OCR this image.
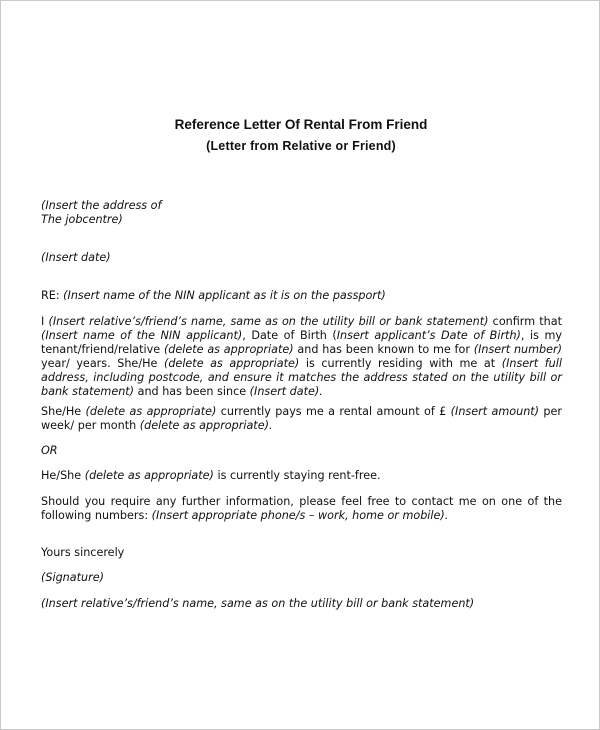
Reference Letter Of Rental From Friend
(Letter from Relative or Friend)
(Insert the address of
The jobcentre)
(Insert date)
RE: (Insert name of the NIN applicant as it is on the passport)
I (Insert relative’s/friend’s name, same as on the utility bill or bank statement) confirm that (Insert name of the NIN applicant), Date of Birth (Insert applicant’s Date of Birth), is my tenant/friend/relative (delete as appropriate) and has been known to me for (Insert number) year/ years. She/He (delete as appropriate) is currently residing with me at (Insert full address, including postcode, and ensure it matches the address stated on the utility bill or bank statement) and has been since (Insert date).
She/He (delete as appropriate) currently pays me a rental amount of £ (Insert amount) per week/ per month (delete as appropriate).
OR
He/She (delete as appropriate) is currently staying rent-free.
Should you require any further information, please feel free to contact me on one of the following numbers: (Insert appropriate phone/s – work, home or mobile).
Yours sincerely
(Signature)
(Insert relative’s/friend’s name, same as on the utility bill or bank statement)
